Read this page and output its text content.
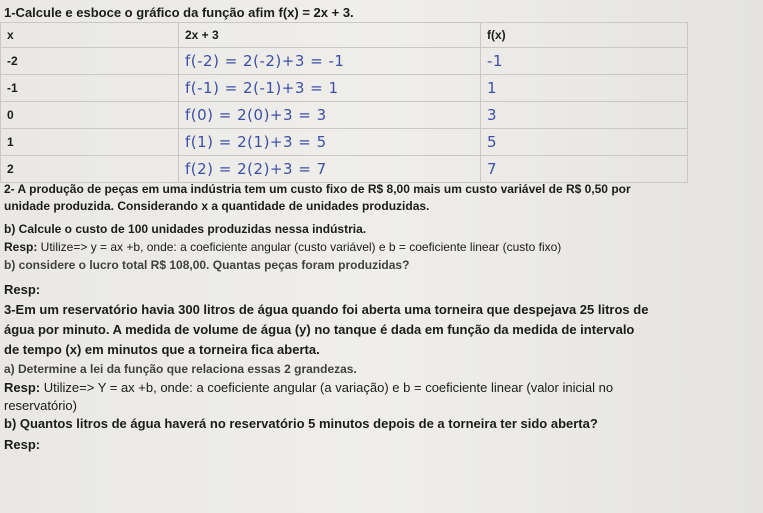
1-Calcule e esboce o gráfico da função afim f(x) = 2x + 3.
x	2x + 3	f(x)
-2	f(-2) = 2(-2)+3 = -1	-1
-1	f(-1) = 2(-1)+3 = 1	1
0	f(0) = 2(0)+3 = 3	3
1	f(1) = 2(1)+3 = 5	5
2	f(2) = 2(2)+3 = 7	7
2- A produção de peças em uma indústria tem um custo fixo de R$ 8,00 mais um custo variável de R$ 0,50 por
unidade produzida. Considerando x a quantidade de unidades produzidas.
b) Calcule o custo de 100 unidades produzidas nessa indústria.
Resp: Utilize=> y = ax +b, onde: a coeficiente angular (custo variável) e b = coeficiente linear (custo fixo)
b) considere o lucro total R$ 108,00. Quantas peças foram produzidas?
Resp:
3-Em um reservatório havia 300 litros de água quando foi aberta uma torneira que despejava 25 litros de
água por minuto. A medida de volume de água (y) no tanque é dada em função da medida de intervalo
de tempo (x) em minutos que a torneira fica aberta.
a) Determine a lei da função que relaciona essas 2 grandezas.
Resp: Utilize=> Y = ax +b, onde: a coeficiente angular (a variação) e b = coeficiente linear (valor inicial no
reservatório)
b) Quantos litros de água haverá no reservatório 5 minutos depois de a torneira ter sido aberta?
Resp:
